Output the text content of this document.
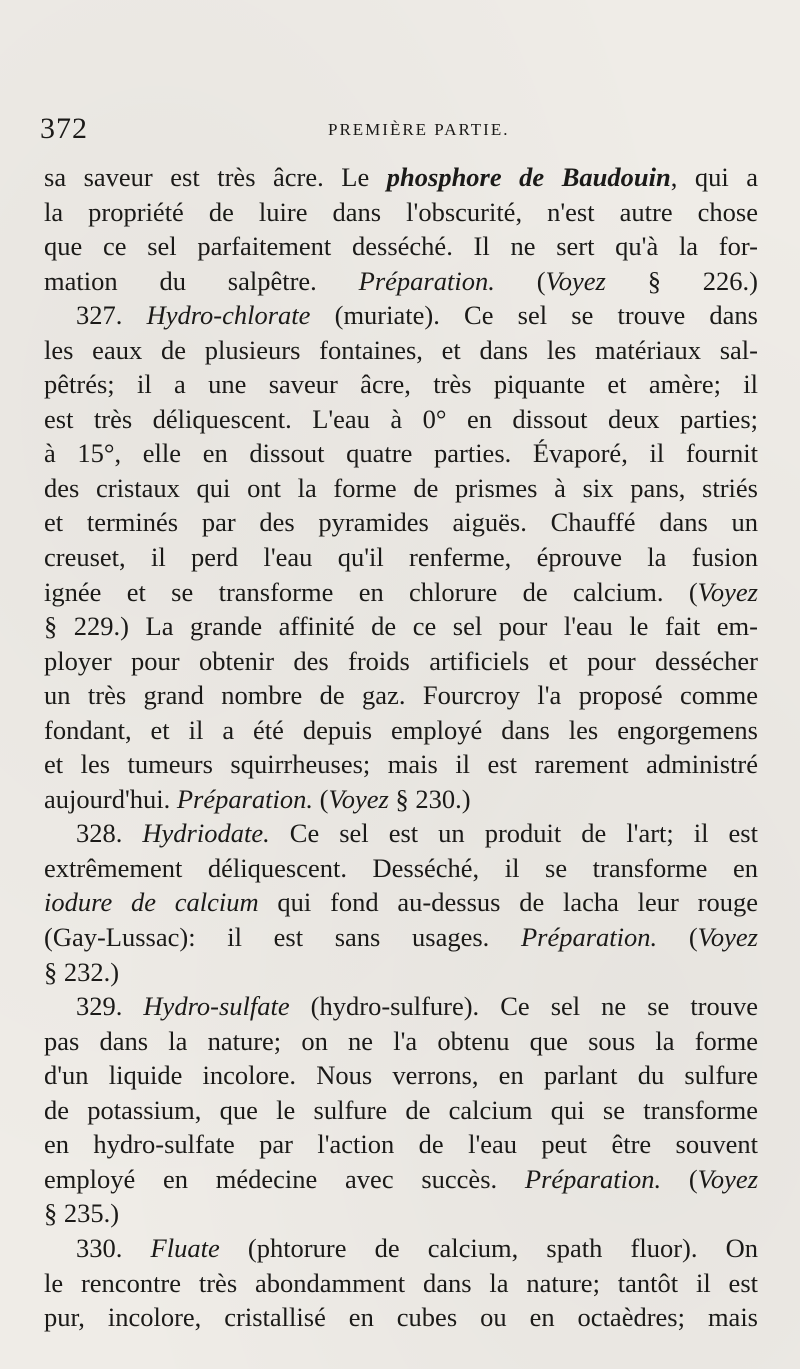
372	PREMIÈRE PARTIE.
sa saveur est très âcre. Le phosphore de Baudouin, qui a
la propriété de luire dans l'obscurité, n'est autre chose
que ce sel parfaitement desséché. Il ne sert qu'à la for-
mation du salpêtre. Préparation. (Voyez § 226.)
327. Hydro-chlorate (muriate). Ce sel se trouve dans
les eaux de plusieurs fontaines, et dans les matériaux sal-
pêtrés; il a une saveur âcre, très piquante et amère; il
est très déliquescent. L'eau à 0° en dissout deux parties;
à 15°, elle en dissout quatre parties. Évaporé, il fournit
des cristaux qui ont la forme de prismes à six pans, striés
et terminés par des pyramides aiguës. Chauffé dans un
creuset, il perd l'eau qu'il renferme, éprouve la fusion
ignée et se transforme en chlorure de calcium. (Voyez
§ 229.) La grande affinité de ce sel pour l'eau le fait em-
ployer pour obtenir des froids artificiels et pour dessécher
un très grand nombre de gaz. Fourcroy l'a proposé comme
fondant, et il a été depuis employé dans les engorgemens
et les tumeurs squirrheuses; mais il est rarement administré
aujourd'hui. Préparation. (Voyez § 230.)
328. Hydriodate. Ce sel est un produit de l'art; il est
extrêmement déliquescent. Desséché, il se transforme en
iodure de calcium qui fond au-dessus de lacha leur rouge
(Gay-Lussac): il est sans usages. Préparation. (Voyez
§ 232.)
329. Hydro-sulfate (hydro-sulfure). Ce sel ne se trouve
pas dans la nature; on ne l'a obtenu que sous la forme
d'un liquide incolore. Nous verrons, en parlant du sulfure
de potassium, que le sulfure de calcium qui se transforme
en hydro-sulfate par l'action de l'eau peut être souvent
employé en médecine avec succès. Préparation. (Voyez
§ 235.)
330. Fluate (phtorure de calcium, spath fluor). On
le rencontre très abondamment dans la nature; tantôt il est
pur, incolore, cristallisé en cubes ou en octaèdres; mais
